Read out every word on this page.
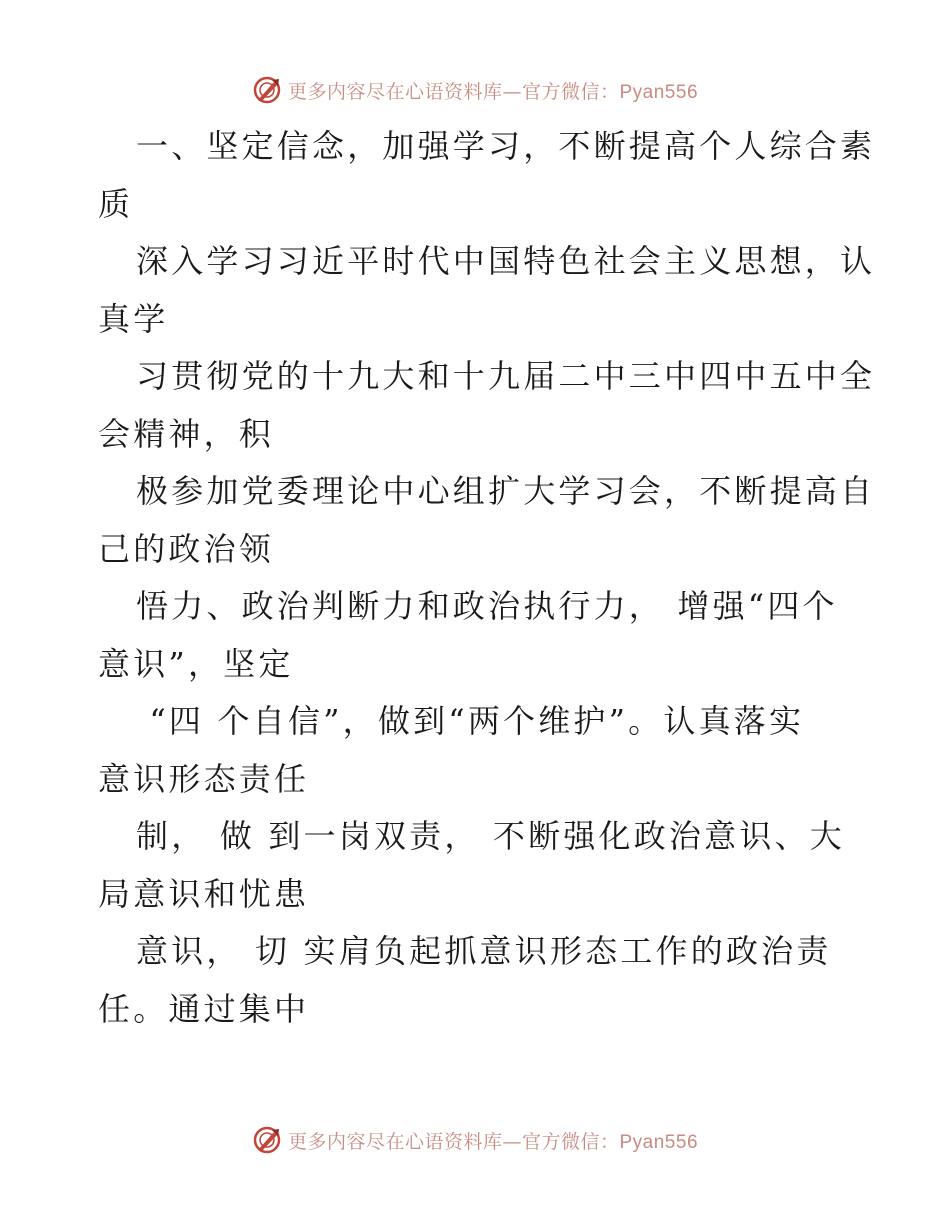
更多内容尽在心语资料库—官方微信：Pyan556
一、坚定信念，加强学习，不断提高个人综合素
质
深入学习习近平时代中国特色社会主义思想，认
真学
习贯彻党的十九大和十九届二中三中四中五中全
会精神，积
极参加党委理论中心组扩大学习会，不断提高自
己的政治领
悟力、政治判断力和政治执行力， 增强“四个
意识”，坚定
“四 个自信”，做到“两个维护”。认真落实
意识形态责任
制， 做 到一岗双责， 不断强化政治意识、大
局意识和忧患
意识， 切 实肩负起抓意识形态工作的政治责
任。通过集中
更多内容尽在心语资料库—官方微信：Pyan556
